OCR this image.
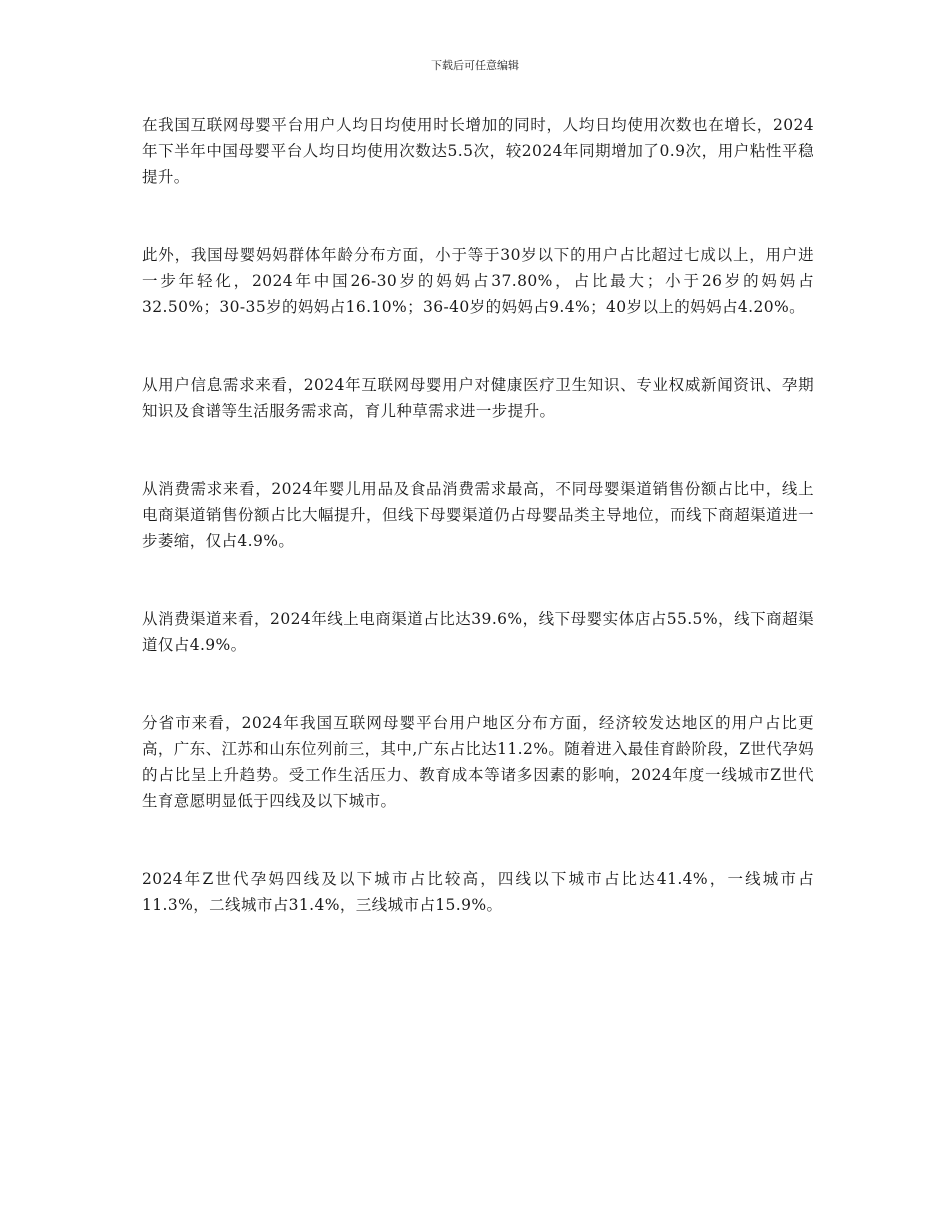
下载后可任意编辑

在我国互联网母婴平台用户人均日均使用时长增加的同时，人均日均使用次数也在增长，2024年下半年中国母婴平台人均日均使用次数达5.5次，较2024年同期增加了0.9次，用户粘性平稳提升。

此外，我国母婴妈妈群体年龄分布方面，小于等于30岁以下的用户占比超过七成以上，用户进一步年轻化，2024年中国26-30岁的妈妈占37.80%，占比最大；小于26岁的妈妈占32.50%；30-35岁的妈妈占16.10%；36-40岁的妈妈占9.4%；40岁以上的妈妈占4.20%。

从用户信息需求来看，2024年互联网母婴用户对健康医疗卫生知识、专业权威新闻资讯、孕期知识及食谱等生活服务需求高，育儿种草需求进一步提升。

从消费需求来看，2024年婴儿用品及食品消费需求最高，不同母婴渠道销售份额占比中，线上电商渠道销售份额占比大幅提升，但线下母婴渠道仍占母婴品类主导地位，而线下商超渠道进一步萎缩，仅占4.9%。

从消费渠道来看，2024年线上电商渠道占比达39.6%，线下母婴实体店占55.5%，线下商超渠道仅占4.9%。

分省市来看，2024年我国互联网母婴平台用户地区分布方面，经济较发达地区的用户占比更高，广东、江苏和山东位列前三，其中,广东占比达11.2%。随着进入最佳育龄阶段，Z世代孕妈的占比呈上升趋势。受工作生活压力、教育成本等诸多因素的影响，2024年度一线城市Z世代生育意愿明显低于四线及以下城市。

2024年Z世代孕妈四线及以下城市占比较高，四线以下城市占比达41.4%，一线城市占11.3%，二线城市占31.4%，三线城市占15.9%。
